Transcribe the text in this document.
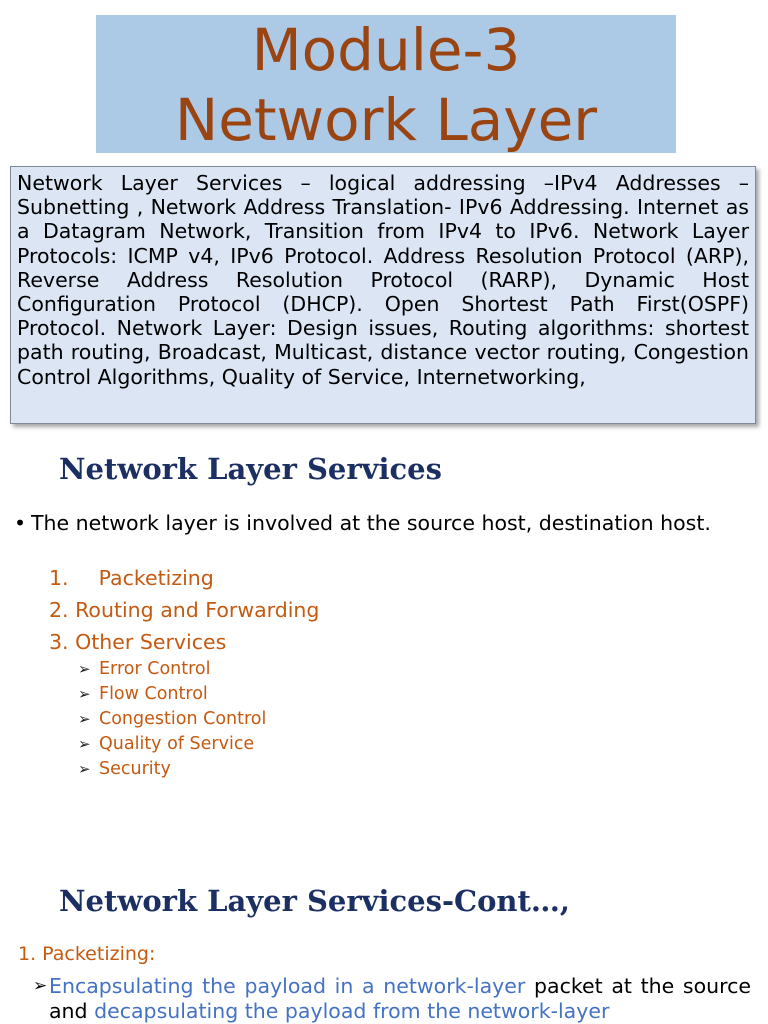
Module-3
Network Layer
Network Layer Services – logical addressing –IPv4 Addresses – Subnetting , Network Address Translation- IPv6 Addressing. Internet as a Datagram Network, Transition from IPv4 to IPv6. Network Layer Protocols: ICMP v4, IPv6 Protocol. Address Resolution Protocol (ARP), Reverse Address Resolution Protocol (RARP), Dynamic Host Configuration Protocol (DHCP). Open Shortest Path First(OSPF) Protocol. Network Layer: Design issues, Routing algorithms: shortest path routing, Broadcast, Multicast, distance vector routing, Congestion Control Algorithms, Quality of Service, Internetworking,
Network Layer Services
• The network layer is involved at the source host, destination host.
1. Packetizing
2. Routing and Forwarding
3. Other Services
➢ Error Control
➢ Flow Control
➢ Congestion Control
➢ Quality of Service
➢ Security
Network Layer Services-Cont…,
1. Packetizing:
➢ Encapsulating the payload in a network-layer packet at the source and decapsulating the payload from the network-layer
